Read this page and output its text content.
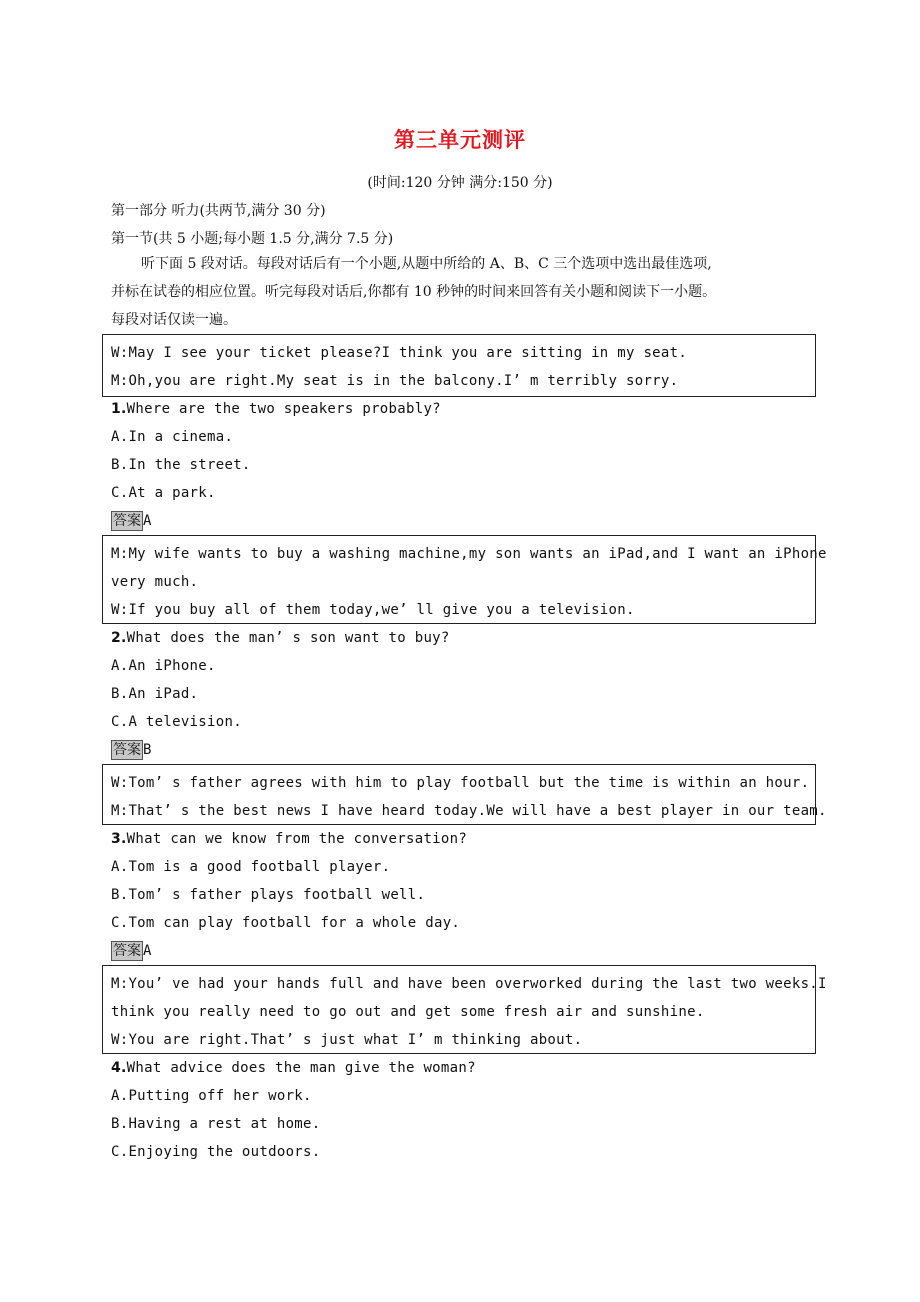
第三单元测评
(时间:120 分钟 满分:150 分)
第一部分 听力(共两节,满分 30 分)
第一节(共 5 小题;每小题 1.5 分,满分 7.5 分)
听下面 5 段对话。每段对话后有一个小题,从题中所给的 A、B、C 三个选项中选出最佳选项,
并标在试卷的相应位置。听完每段对话后,你都有 10 秒钟的时间来回答有关小题和阅读下一小题。
每段对话仅读一遍。
W:May I see your ticket please?I think you are sitting in my seat.
M:Oh,you are right.My seat is in the balcony.I’ m terribly sorry.
1.Where are the two speakers probably?
A.In a cinema.
B.In the street.
C.At a park.
答案 A
M:My wife wants to buy a washing machine,my son wants an iPad,and I want an iPhone
very much.
W:If you buy all of them today,we’ ll give you a television.
2.What does the man’ s son want to buy?
A.An iPhone.
B.An iPad.
C.A television.
答案 B
W:Tom’ s father agrees with him to play football but the time is within an hour.
M:That’ s the best news I have heard today.We will have a best player in our team.
3.What can we know from the conversation?
A.Tom is a good football player.
B.Tom’ s father plays football well.
C.Tom can play football for a whole day.
答案 A
M:You’ ve had your hands full and have been overworked during the last two weeks.I
think you really need to go out and get some fresh air and sunshine.
W:You are right.That’ s just what I’ m thinking about.
4.What advice does the man give the woman?
A.Putting off her work.
B.Having a rest at home.
C.Enjoying the outdoors.
